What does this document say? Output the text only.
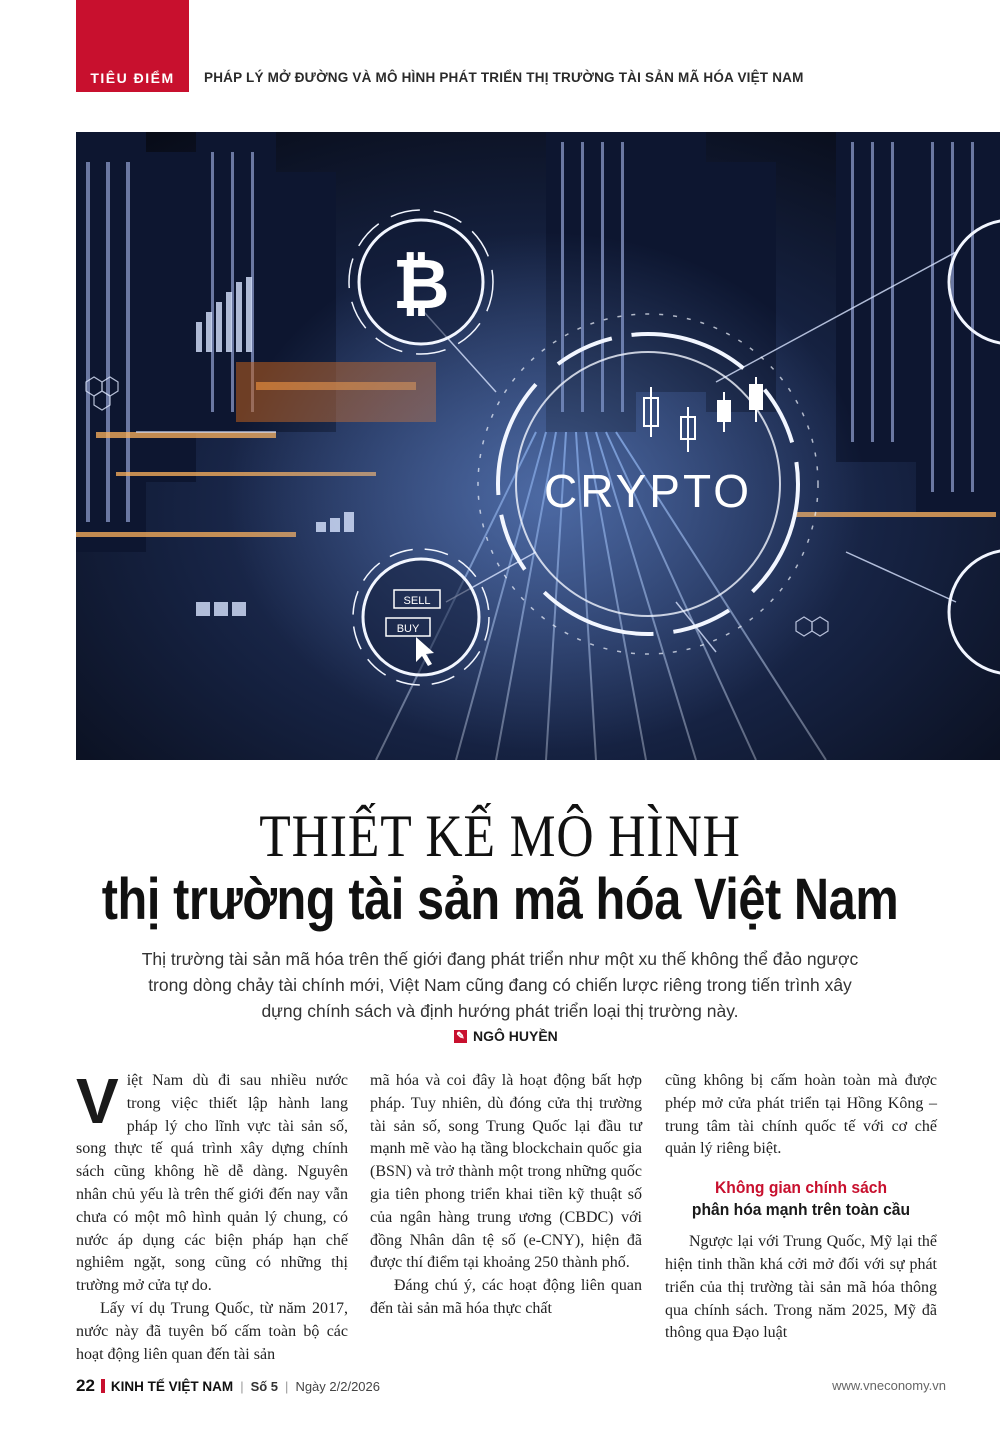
TIÊU ĐIỂM	PHÁP LÝ MỞ ĐƯỜNG VÀ MÔ HÌNH PHÁT TRIỂN THỊ TRƯỜNG TÀI SẢN MÃ HÓA VIỆT NAM
CRYPTO
₿
SELL
BUY
THIẾT KẾ MÔ HÌNH
thị trường tài sản mã hóa Việt Nam
Thị trường tài sản mã hóa trên thế giới đang phát triển như một xu thế không thể đảo ngược trong dòng chảy tài chính mới, Việt Nam cũng đang có chiến lược riêng trong tiến trình xây dựng chính sách và định hướng phát triển loại thị trường này.
✎ NGÔ HUYỀN

Việt Nam dù đi sau nhiều nước trong việc thiết lập hành lang pháp lý cho lĩnh vực tài sản số, song thực tế quá trình xây dựng chính sách cũng không hề dễ dàng. Nguyên nhân chủ yếu là trên thế giới đến nay vẫn chưa có một mô hình quản lý chung, có nước áp dụng các biện pháp hạn chế nghiêm ngặt, song cũng có những thị trường mở cửa tự do.

Lấy ví dụ Trung Quốc, từ năm 2017, nước này đã tuyên bố cấm toàn bộ các hoạt động liên quan đến tài sản

mã hóa và coi đây là hoạt động bất hợp pháp. Tuy nhiên, dù đóng cửa thị trường tài sản số, song Trung Quốc lại đầu tư mạnh mẽ vào hạ tầng blockchain quốc gia (BSN) và trở thành một trong những quốc gia tiên phong triển khai tiền kỹ thuật số của ngân hàng trung ương (CBDC) với đồng Nhân dân tệ số (e-CNY), hiện đã được thí điểm tại khoảng 250 thành phố.

Đáng chú ý, các hoạt động liên quan đến tài sản mã hóa thực chất

cũng không bị cấm hoàn toàn mà được phép mở cửa phát triển tại Hồng Kông – trung tâm tài chính quốc tế với cơ chế quản lý riêng biệt.

Không gian chính sách
phân hóa mạnh trên toàn cầu

Ngược lại với Trung Quốc, Mỹ lại thể hiện tinh thần khá cởi mở đối với sự phát triển của thị trường tài sản mã hóa thông qua chính sách. Trong năm 2025, Mỹ đã thông qua Đạo luật

22 KINH TẾ VIỆT NAM | Số 5 | Ngày 2/2/2026	www.vneconomy.vn
